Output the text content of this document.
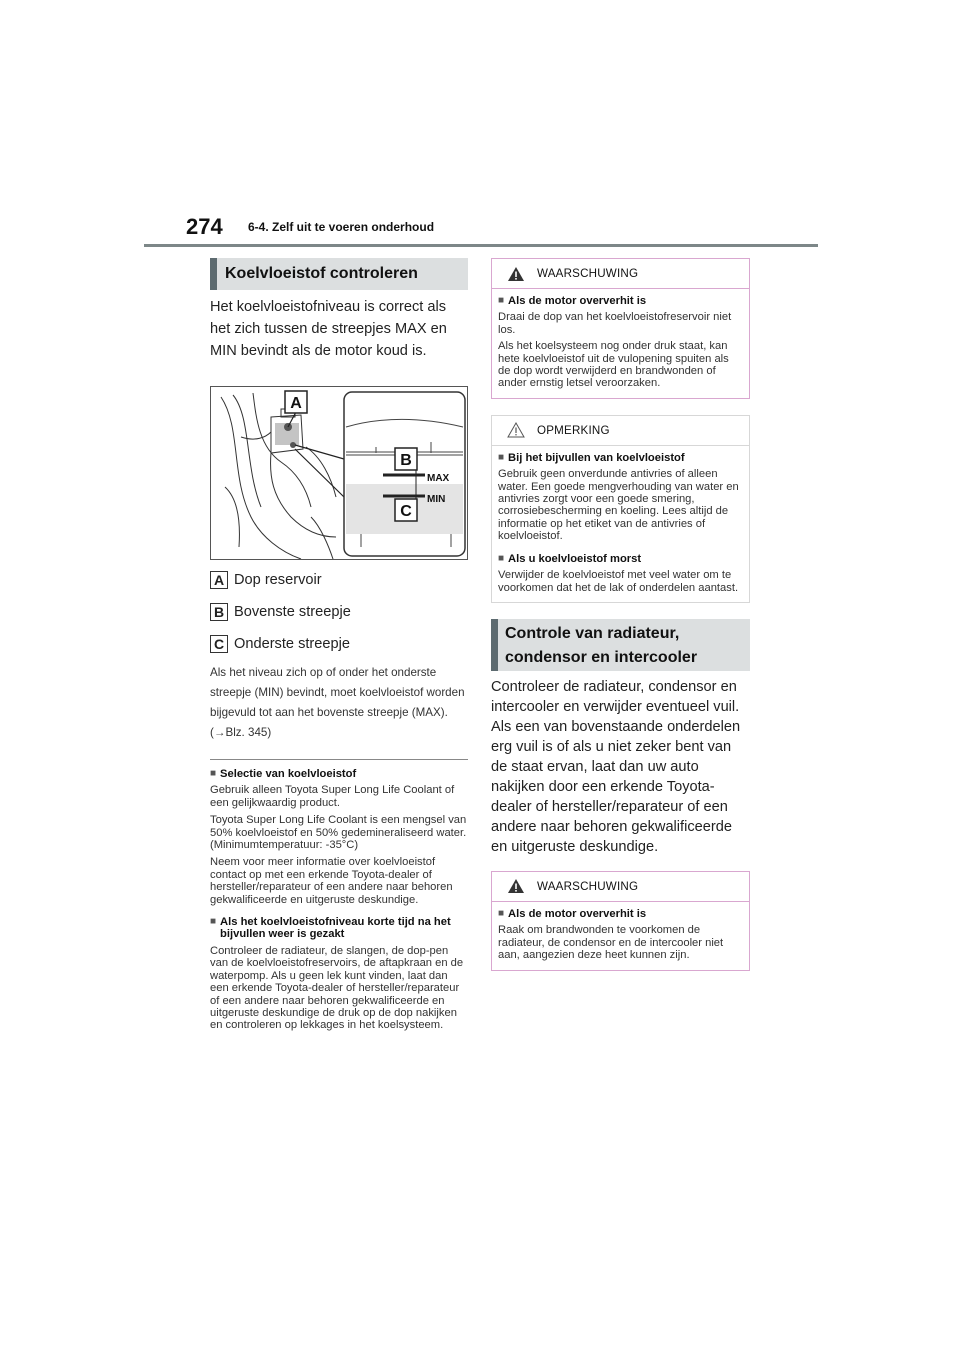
274 6-4. Zelf uit te voeren onderhoud
Koelvloeistof controleren

Het koelvloeistofniveau is correct als het zich tussen de streepjes MAX en MIN bevindt als de motor koud is.

MAX
MIN
A
B
C
A Dop reservoir
B Bovenste streepje
C Onderste streepje

Als het niveau zich op of onder het onderste streepje (MIN) bevindt, moet koelvloeistof worden bijgevuld tot aan het bovenste streepje (MAX). (→Blz. 345)

■ Selectie van koelvloeistof

Gebruik alleen Toyota Super Long Life Coolant of een gelijkwaardig product.

Toyota Super Long Life Coolant is een mengsel van 50% koelvloeistof en 50% gedemineraliseerd water. (Minimumtemperatuur: -35°C)

Neem voor meer informatie over koelvloeistof contact op met een erkende Toyota-dealer of hersteller/reparateur of een andere naar behoren gekwalificeerde en uitgeruste deskundige.

■ Als het koelvloeistofniveau korte tijd na het bijvullen weer is gezakt

Controleer de radiateur, de slangen, de dop-pen van de koelvloeistofreservoirs, de aftapkraan en de waterpomp. Als u geen lek kunt vinden, laat dan een erkende Toyota-dealer of hersteller/reparateur of een andere naar behoren gekwalificeerde en uitgeruste deskundige de druk op de dop nakijken en controleren op lekkages in het koelsysteem.

WAARSCHUWING
■ Als de motor oververhit is

Draai de dop van het koelvloeistofreservoir niet los.

Als het koelsysteem nog onder druk staat, kan hete koelvloeistof uit de vulopening spuiten als de dop wordt verwijderd en brandwonden of ander ernstig letsel veroorzaken.

OPMERKING
■ Bij het bijvullen van koelvloeistof

Gebruik geen onverdunde antivries of alleen water. Een goede mengverhouding van water en antivries zorgt voor een goede smering, corrosiebescherming en koeling. Lees altijd de informatie op het etiket van de antivries of koelvloeistof.

■ Als u koelvloeistof morst

Verwijder de koelvloeistof met veel water om te voorkomen dat het de lak of onderdelen aantast.

Controle van radiateur,
condensor en intercooler

Controleer de radiateur, condensor en intercooler en verwijder eventueel vuil. Als een van bovenstaande onderdelen erg vuil is of als u niet zeker bent van de staat ervan, laat dan uw auto nakijken door een erkende Toyota-dealer of hersteller/reparateur of een andere naar behoren gekwalificeerde en uitgeruste deskundige.

WAARSCHUWING
■ Als de motor oververhit is

Raak om brandwonden te voorkomen de radiateur, de condensor en de intercooler niet aan, aangezien deze heet kunnen zijn.
